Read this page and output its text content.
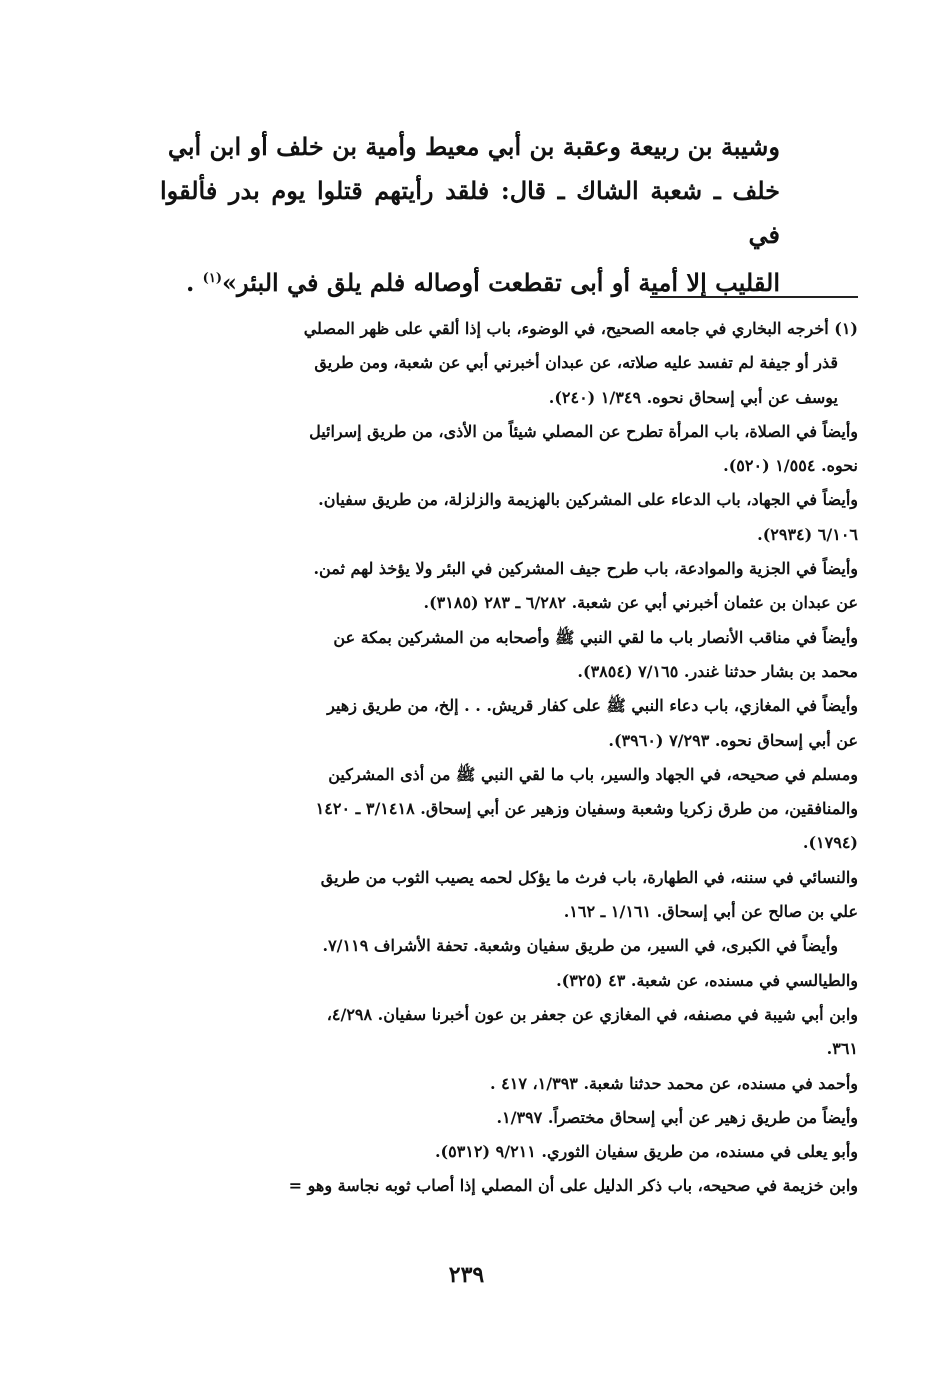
وشيبة بن ربيعة وعقبة بن أبي معيط وأمية بن خلف أو ابن أبي

خلف ـ شعبة الشاك ـ قال: فلقد رأيتهم قتلوا يوم بدر فألقوا في

القليب إلا أمية أو أبى تقطعت أوصاله فلم يلق في البئر»$^{(١)}$ .

(١) أخرجه البخاري في جامعه الصحيح، في الوضوء، باب إذا ألقي على ظهر المصلي

قذر أو جيفة لم تفسد عليه صلاته، عن عبدان أخبرني أبي عن شعبة، ومن طريق

يوسف عن أبي إسحاق نحوه. ١/٣٤٩ (٢٤٠).

وأيضاً في الصلاة، باب المرأة تطرح عن المصلي شيئاً من الأذى، من طريق إسرائيل

نحوه. ١/٥٥٤ (٥٢٠).

وأيضاً في الجهاد، باب الدعاء على المشركين بالهزيمة والزلزلة، من طريق سفيان.

٦/١٠٦ (٢٩٣٤).

وأيضاً في الجزية والموادعة، باب طرح جيف المشركين في البئر ولا يؤخذ لهم ثمن.

عن عبدان بن عثمان أخبرني أبي عن شعبة. ٦/٢٨٢ ـ ٢٨٣ (٣١٨٥).

وأيضاً في مناقب الأنصار باب ما لقي النبي ﷺ وأصحابه من المشركين بمكة عن

محمد بن بشار حدثنا غندر. ٧/١٦٥ (٣٨٥٤).

وأيضاً في المغازي، باب دعاء النبي ﷺ على كفار قريش. . . إلخ، من طريق زهير

عن أبي إسحاق نحوه. ٧/٢٩٣ (٣٩٦٠).

ومسلم في صحيحه، في الجهاد والسير، باب ما لقي النبي ﷺ من أذى المشركين

والمنافقين، من طرق زكريا وشعبة وسفيان وزهير عن أبي إسحاق. ٣/١٤١٨ ـ ١٤٢٠

(١٧٩٤).

والنسائي في سننه، في الطهارة، باب فرث ما يؤكل لحمه يصيب الثوب من طريق

علي بن صالح عن أبي إسحاق. ١/١٦١ ـ ١٦٢.

وأيضاً في الكبرى، في السير، من طريق سفيان وشعبة. تحفة الأشراف ٧/١١٩.

والطيالسي في مسنده، عن شعبة. ٤٣ (٣٢٥).

وابن أبي شيبة في مصنفه، في المغازي عن جعفر بن عون أخبرنا سفيان. ٤/٢٩٨،

٣٦١.

وأحمد في مسنده، عن محمد حدثنا شعبة. ١/٣٩٣، ٤١٧ .

وأيضاً من طريق زهير عن أبي إسحاق مختصراً. ١/٣٩٧.

وأبو يعلى في مسنده، من طريق سفيان الثوري. ٩/٢١١ (٥٣١٢).

وابن خزيمة في صحيحه، باب ذكر الدليل على أن المصلي إذا أصاب ثوبه نجاسة وهو =

٢٣٩
